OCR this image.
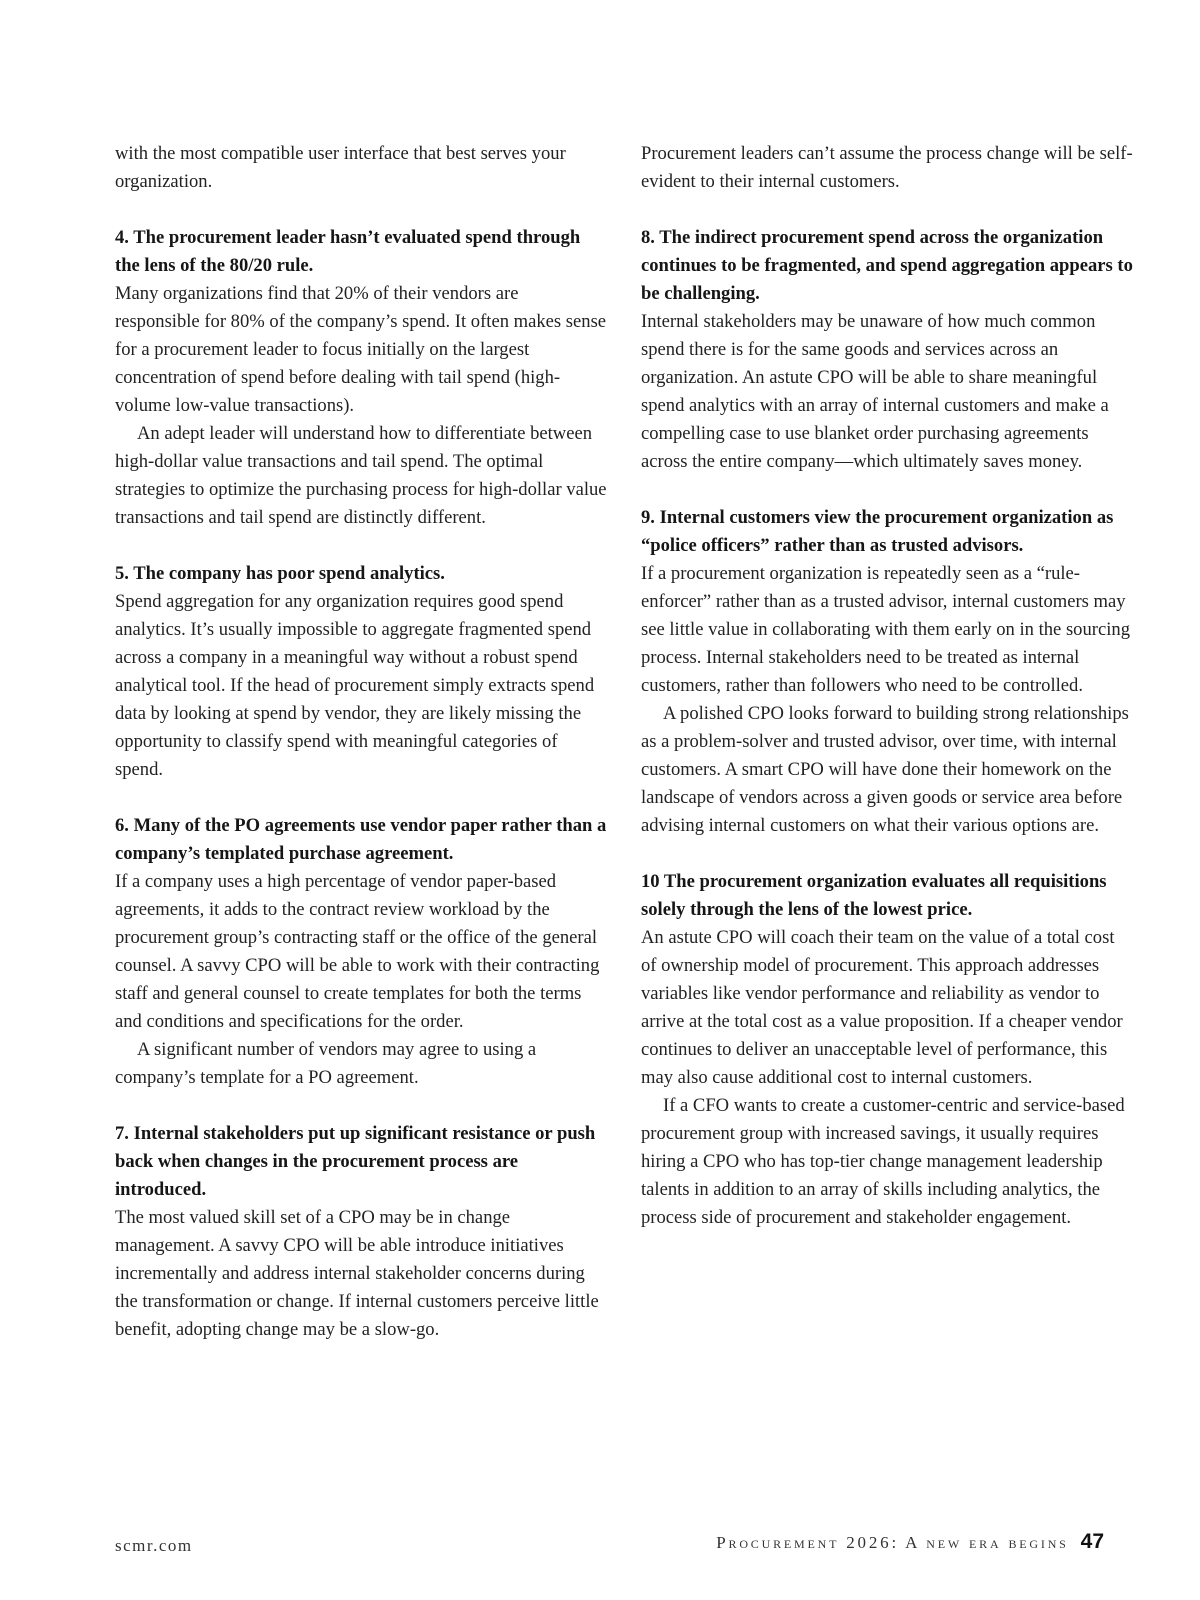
with the most compatible user interface that best serves your organization.

4. The procurement leader hasn’t evaluated spend through the lens of the 80/20 rule.

Many organizations find that 20% of their vendors are responsible for 80% of the company’s spend. It often makes sense for a procurement leader to focus initially on the largest concentration of spend before dealing with tail spend (high-volume low-value transactions).

An adept leader will understand how to differentiate between high-dollar value transactions and tail spend. The optimal strategies to optimize the purchasing process for high-dollar value transactions and tail spend are distinctly different.

5. The company has poor spend analytics.

Spend aggregation for any organization requires good spend analytics. It’s usually impossible to aggregate fragmented spend across a company in a meaningful way without a robust spend analytical tool. If the head of procurement simply extracts spend data by looking at spend by vendor, they are likely missing the opportunity to classify spend with meaningful categories of spend.

6. Many of the PO agreements use vendor paper rather than a company’s templated purchase agreement.

If a company uses a high percentage of vendor paper-based agreements, it adds to the contract review workload by the procurement group’s contracting staff or the office of the general counsel. A savvy CPO will be able to work with their contracting staff and general counsel to create templates for both the terms and conditions and specifications for the order.

A significant number of vendors may agree to using a company’s template for a PO agreement.

7. Internal stakeholders put up significant resistance or push back when changes in the procurement process are introduced.

The most valued skill set of a CPO may be in change management. A savvy CPO will be able introduce initiatives incrementally and address internal stakeholder concerns during the transformation or change. If internal customers perceive little benefit, adopting change may be a slow-go.

Procurement leaders can’t assume the process change will be self-evident to their internal customers.

8. The indirect procurement spend across the organization continues to be fragmented, and spend aggregation appears to be challenging.

Internal stakeholders may be unaware of how much common spend there is for the same goods and services across an organization. An astute CPO will be able to share meaningful spend analytics with an array of internal customers and make a compelling case to use blanket order purchasing agreements across the entire company—which ultimately saves money.

9. Internal customers view the procurement organization as “police officers” rather than as trusted advisors.

If a procurement organization is repeatedly seen as a “rule-enforcer” rather than as a trusted advisor, internal customers may see little value in collaborating with them early on in the sourcing process. Internal stakeholders need to be treated as internal customers, rather than followers who need to be controlled.

A polished CPO looks forward to building strong relationships as a problem-solver and trusted advisor, over time, with internal customers. A smart CPO will have done their homework on the landscape of vendors across a given goods or service area before advising internal customers on what their various options are.

10 The procurement organization evaluates all requisitions solely through the lens of the lowest price.

An astute CPO will coach their team on the value of a total cost of ownership model of procurement. This approach addresses variables like vendor performance and reliability as vendor to arrive at the total cost as a value proposition. If a cheaper vendor continues to deliver an unacceptable level of performance, this may also cause additional cost to internal customers.

If a CFO wants to create a customer-centric and service-based procurement group with increased savings, it usually requires hiring a CPO who has top-tier change management leadership talents in addition to an array of skills including analytics, the process side of procurement and stakeholder engagement.

scmr.com	Procurement 2026: A new era begins 47
